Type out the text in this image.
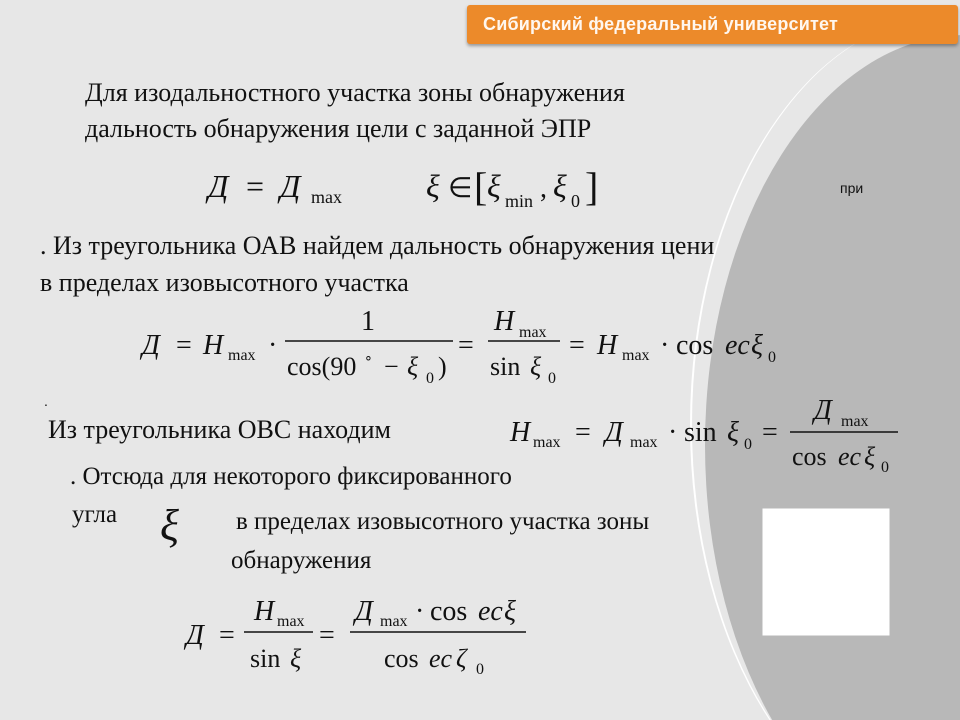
Сибирский федеральный университет
Для изодальностного участка зоны обнаружения
дальность обнаружения цели с заданной ЭПР
Д = Д max	ξ ∈ [ ξ min , ξ 0 ]	при
. Из треугольника ОАВ найдем дальность обнаружения цени
в пределах изовысотного участка
Д = H max ·
1
cos(90 ∘ − ξ 0 )
=
H max
sin ξ 0
= H max · cos ec ξ 0
.
Из треугольника ОВС находим	H max = Д max · sin ξ 0 =
Д max
cos ec ξ 0
. Отсюда для некоторого фиксированного
угла ξ в пределах изовысотного участка зоны
обнаружения
Д =
H max
sin ξ
=
Д max · cos ec ξ
cos ec ζ 0
